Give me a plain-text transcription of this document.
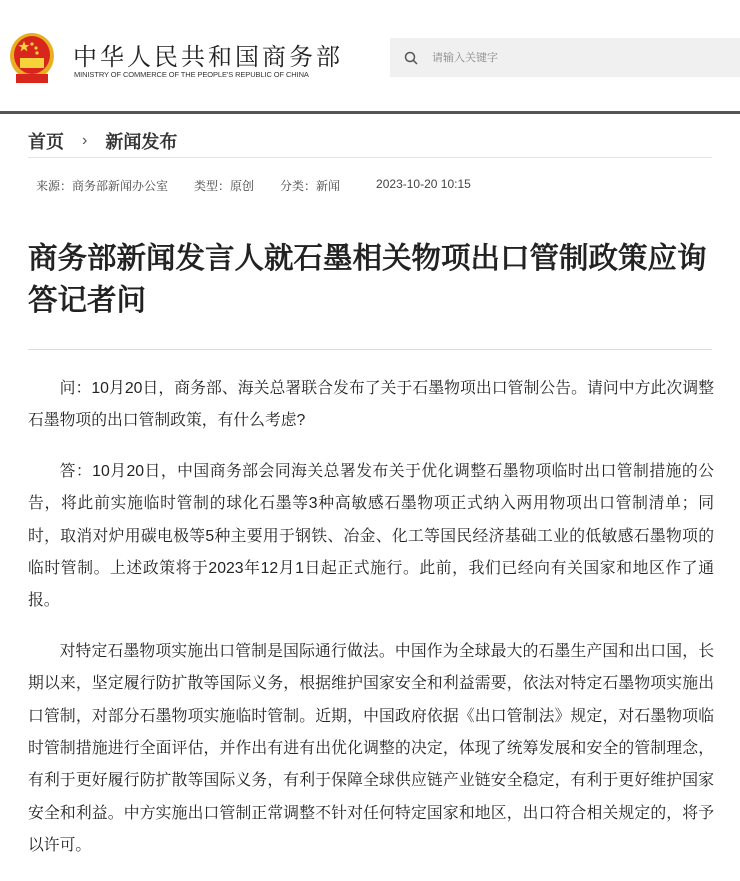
中华人民共和国商务部
MINISTRY OF COMMERCE OF THE PEOPLE'S REPUBLIC OF CHINA
请输入关键字
首页 › 新闻发布
来源：商务部新闻办公室 类型：原创 分类：新闻	2023-10-20 10:15
商务部新闻发言人就石墨相关物项出口管制政策应询答记者问

问：10月20日，商务部、海关总署联合发布了关于石墨物项出口管制公告。请问中方此次调整石墨物项的出口管制政策，有什么考虑?

答：10月20日，中国商务部会同海关总署发布关于优化调整石墨物项临时出口管制措施的公告，将此前实施临时管制的球化石墨等3种高敏感石墨物项正式纳入两用物项出口管制清单；同时，取消对炉用碳电极等5种主要用于钢铁、冶金、化工等国民经济基础工业的低敏感石墨物项的临时管制。上述政策将于2023年12月1日起正式施行。此前，我们已经向有关国家和地区作了通报。

对特定石墨物项实施出口管制是国际通行做法。中国作为全球最大的石墨生产国和出口国，长期以来，坚定履行防扩散等国际义务，根据维护国家安全和利益需要，依法对特定石墨物项实施出口管制，对部分石墨物项实施临时管制。近期，中国政府依据《出口管制法》规定，对石墨物项临时管制措施进行全面评估，并作出有进有出优化调整的决定，体现了统筹发展和安全的管制理念，有利于更好履行防扩散等国际义务，有利于保障全球供应链产业链安全稳定，有利于更好维护国家安全和利益。中方实施出口管制正常调整不针对任何特定国家和地区，出口符合相关规定的，将予以许可。
